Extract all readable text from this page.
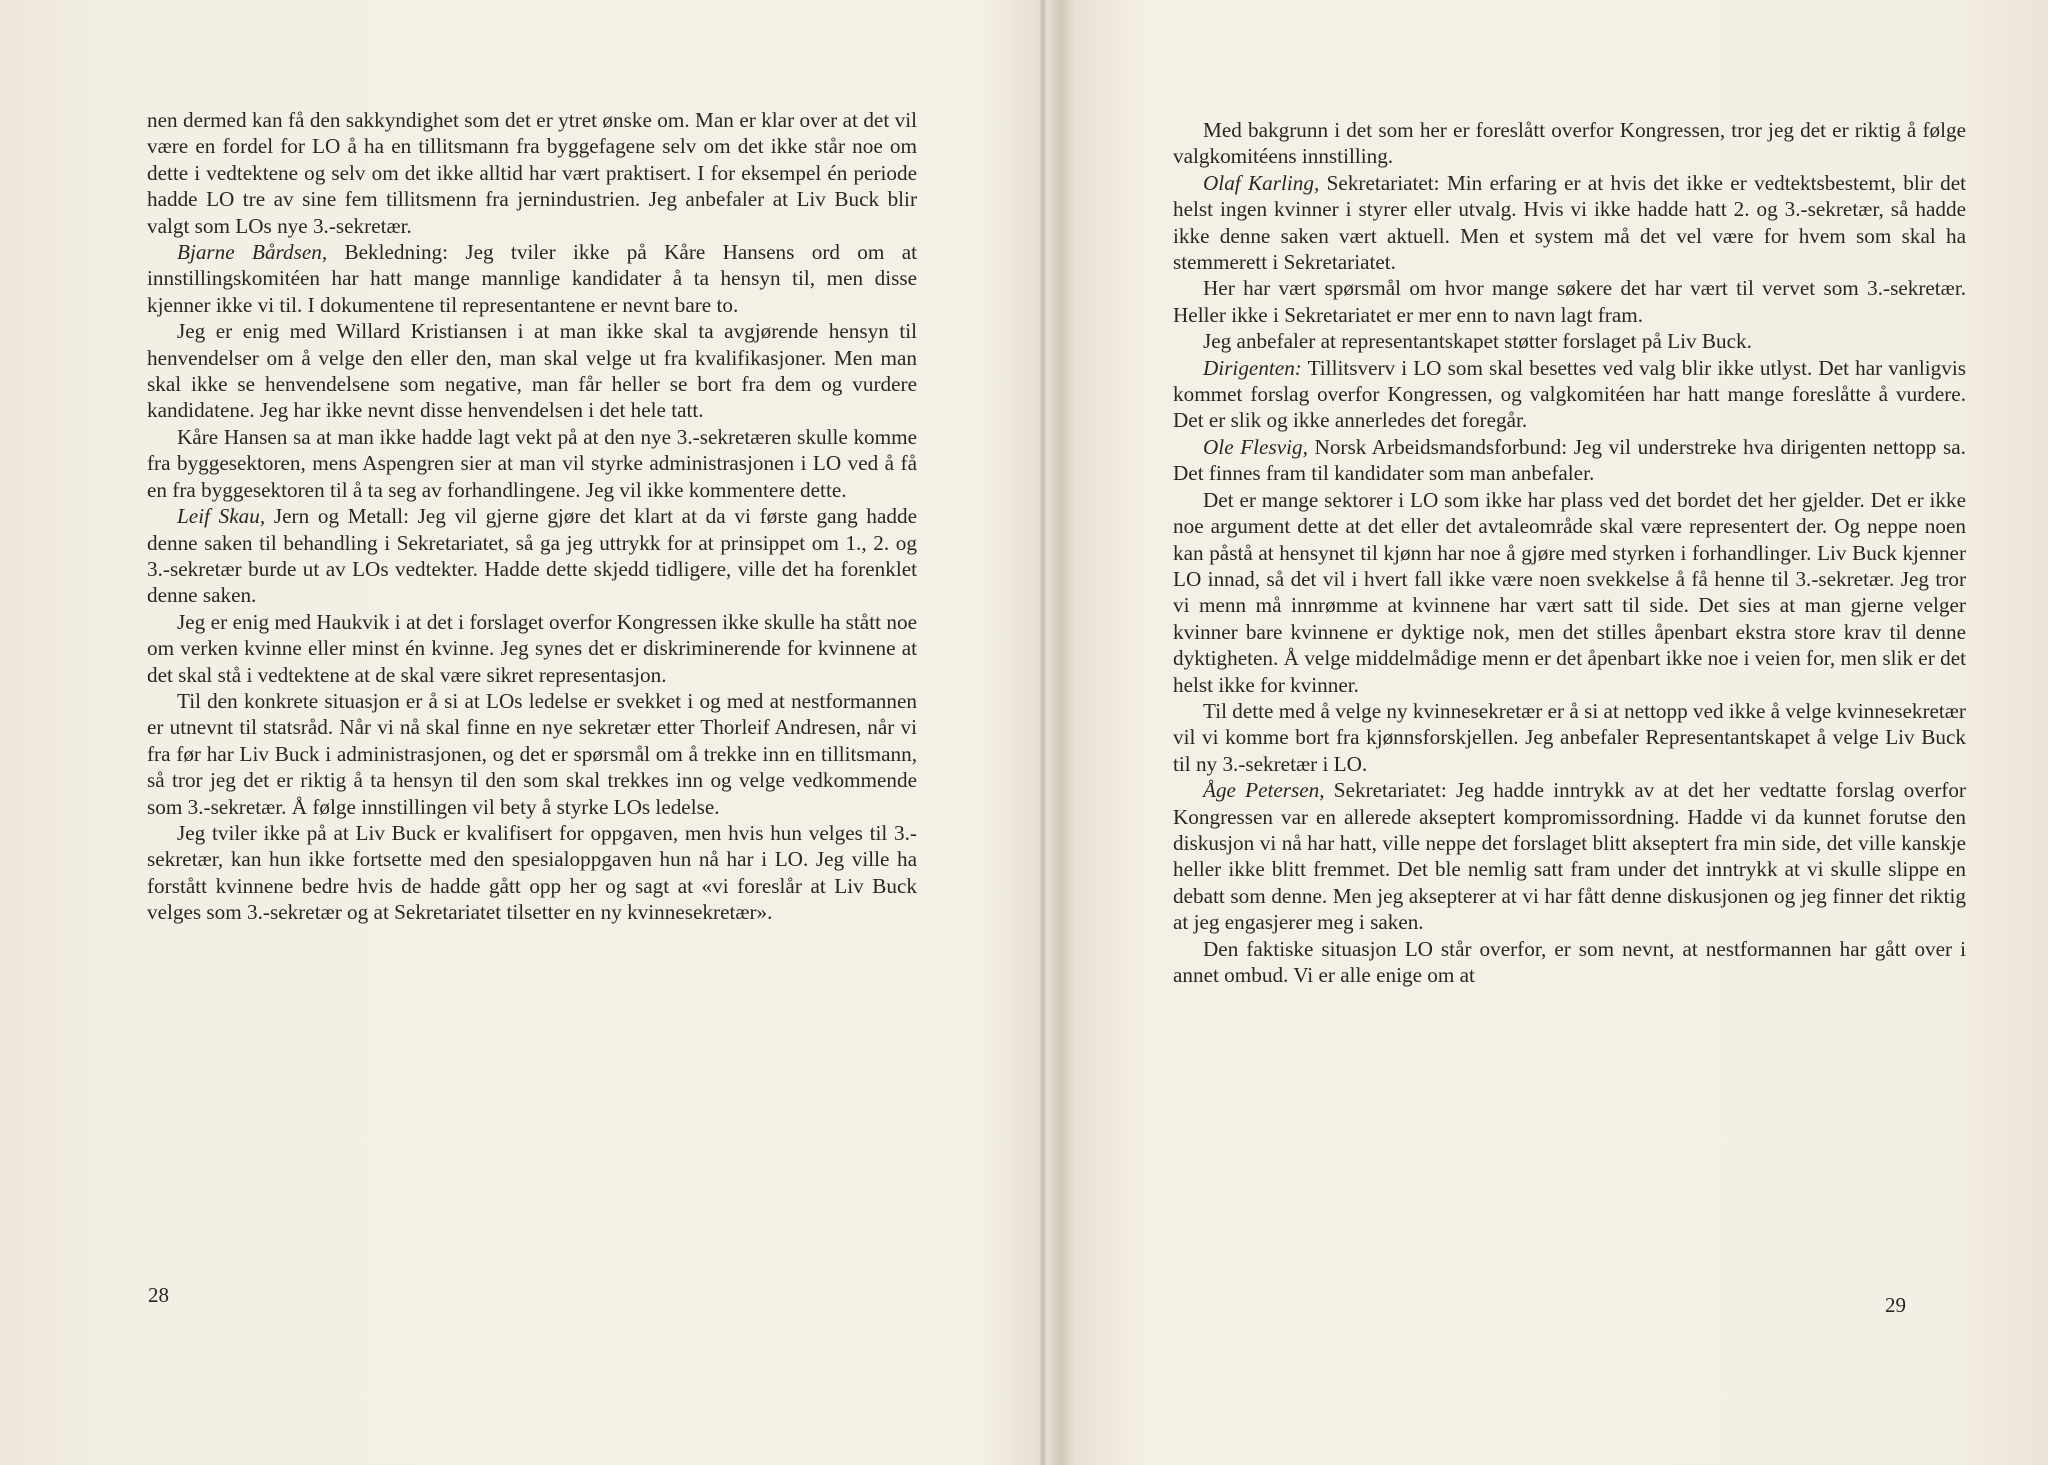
nen dermed kan få den sakkyndighet som det er ytret ønske om. Man er klar over at det vil være en fordel for LO å ha en tillitsmann fra byggefagene selv om det ikke står noe om dette i vedtektene og selv om det ikke alltid har vært praktisert. I for eksempel én periode hadde LO tre av sine fem tillitsmenn fra jernindustrien. Jeg anbefaler at Liv Buck blir valgt som LOs nye 3.-sekretær.

Bjarne Bårdsen, Bekledning: Jeg tviler ikke på Kåre Hansens ord om at innstillingskomitéen har hatt mange mannlige kandidater å ta hensyn til, men disse kjenner ikke vi til. I dokumentene til representantene er nevnt bare to.

Jeg er enig med Willard Kristiansen i at man ikke skal ta avgjørende hensyn til henvendelser om å velge den eller den, man skal velge ut fra kvalifikasjoner. Men man skal ikke se henvendelsene som negative, man får heller se bort fra dem og vurdere kandidatene. Jeg har ikke nevnt disse henvendelsen i det hele tatt.

Kåre Hansen sa at man ikke hadde lagt vekt på at den nye 3.-sekretæren skulle komme fra byggesektoren, mens Aspengren sier at man vil styrke administrasjonen i LO ved å få en fra byggesektoren til å ta seg av forhandlingene. Jeg vil ikke kommentere dette.

Leif Skau, Jern og Metall: Jeg vil gjerne gjøre det klart at da vi første gang hadde denne saken til behandling i Sekretariatet, så ga jeg uttrykk for at prinsippet om 1., 2. og 3.-sekretær burde ut av LOs vedtekter. Hadde dette skjedd tidligere, ville det ha forenklet denne saken.

Jeg er enig med Haukvik i at det i forslaget overfor Kongressen ikke skulle ha stått noe om verken kvinne eller minst én kvinne. Jeg synes det er diskriminerende for kvinnene at det skal stå i vedtektene at de skal være sikret representasjon.

Til den konkrete situasjon er å si at LOs ledelse er svekket i og med at nestformannen er utnevnt til statsråd. Når vi nå skal finne en nye sekretær etter Thorleif Andresen, når vi fra før har Liv Buck i administrasjonen, og det er spørsmål om å trekke inn en tillitsmann, så tror jeg det er riktig å ta hensyn til den som skal trekkes inn og velge vedkommende som 3.-sekretær. Å følge innstillingen vil bety å styrke LOs ledelse.

Jeg tviler ikke på at Liv Buck er kvalifisert for oppgaven, men hvis hun velges til 3.-sekretær, kan hun ikke fortsette med den spesialoppgaven hun nå har i LO. Jeg ville ha forstått kvinnene bedre hvis de hadde gått opp her og sagt at «vi foreslår at Liv Buck velges som 3.-sekretær og at Sekretariatet tilsetter en ny kvinnesekretær».

28

Med bakgrunn i det som her er foreslått overfor Kongressen, tror jeg det er riktig å følge valgkomitéens innstilling.

Olaf Karling, Sekretariatet: Min erfaring er at hvis det ikke er vedtektsbestemt, blir det helst ingen kvinner i styrer eller utvalg. Hvis vi ikke hadde hatt 2. og 3.-sekretær, så hadde ikke denne saken vært aktuell. Men et system må det vel være for hvem som skal ha stemmerett i Sekretariatet.

Her har vært spørsmål om hvor mange søkere det har vært til vervet som 3.-sekretær. Heller ikke i Sekretariatet er mer enn to navn lagt fram.

Jeg anbefaler at representantskapet støtter forslaget på Liv Buck.

Dirigenten: Tillitsverv i LO som skal besettes ved valg blir ikke utlyst. Det har vanligvis kommet forslag overfor Kongressen, og valgkomitéen har hatt mange foreslåtte å vurdere. Det er slik og ikke annerledes det foregår.

Ole Flesvig, Norsk Arbeidsmandsforbund: Jeg vil understreke hva dirigenten nettopp sa. Det finnes fram til kandidater som man anbefaler.

Det er mange sektorer i LO som ikke har plass ved det bordet det her gjelder. Det er ikke noe argument dette at det eller det avtaleområde skal være representert der. Og neppe noen kan påstå at hensynet til kjønn har noe å gjøre med styrken i forhandlinger. Liv Buck kjenner LO innad, så det vil i hvert fall ikke være noen svekkelse å få henne til 3.-sekretær. Jeg tror vi menn må innrømme at kvinnene har vært satt til side. Det sies at man gjerne velger kvinner bare kvinnene er dyktige nok, men det stilles åpenbart ekstra store krav til denne dyktigheten. Å velge middelmådige menn er det åpenbart ikke noe i veien for, men slik er det helst ikke for kvinner.

Til dette med å velge ny kvinnesekretær er å si at nettopp ved ikke å velge kvinnesekretær vil vi komme bort fra kjønnsforskjellen. Jeg anbefaler Representantskapet å velge Liv Buck til ny 3.-sekretær i LO.

Åge Petersen, Sekretariatet: Jeg hadde inntrykk av at det her vedtatte forslag overfor Kongressen var en allerede akseptert kompromissordning. Hadde vi da kunnet forutse den diskusjon vi nå har hatt, ville neppe det forslaget blitt akseptert fra min side, det ville kanskje heller ikke blitt fremmet. Det ble nemlig satt fram under det inntrykk at vi skulle slippe en debatt som denne. Men jeg aksepterer at vi har fått denne diskusjonen og jeg finner det riktig at jeg engasjerer meg i saken.

Den faktiske situasjon LO står overfor, er som nevnt, at nestformannen har gått over i annet ombud. Vi er alle enige om at

29
